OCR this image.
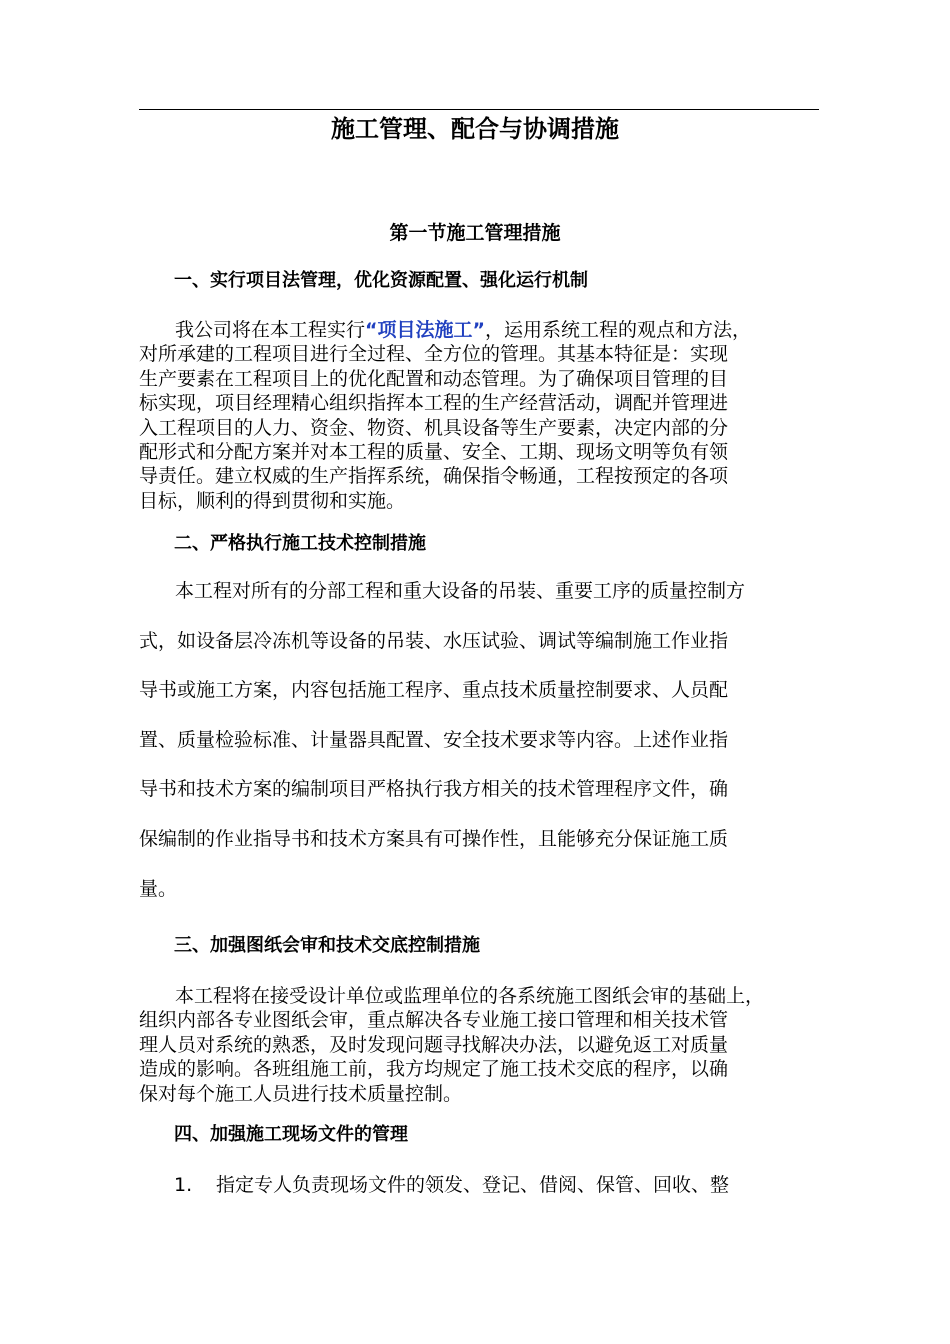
施工管理、配合与协调措施
第一节施工管理措施
一、实行项目法管理，优化资源配置、强化运行机制
我公司将在本工程实行“项目法施工”，运用系统工程的观点和方法，
对所承建的工程项目进行全过程、全方位的管理。其基本特征是：实现
生产要素在工程项目上的优化配置和动态管理。为了确保项目管理的目
标实现，项目经理精心组织指挥本工程的生产经营活动，调配并管理进
入工程项目的人力、资金、物资、机具设备等生产要素，决定内部的分
配形式和分配方案并对本工程的质量、安全、工期、现场文明等负有领
导责任。建立权威的生产指挥系统，确保指令畅通，工程按预定的各项
目标，顺利的得到贯彻和实施。
二、严格执行施工技术控制措施
本工程对所有的分部工程和重大设备的吊装、重要工序的质量控制方
式，如设备层冷冻机等设备的吊装、水压试验、调试等编制施工作业指
导书或施工方案，内容包括施工程序、重点技术质量控制要求、人员配
置、质量检验标准、计量器具配置、安全技术要求等内容。上述作业指
导书和技术方案的编制项目严格执行我方相关的技术管理程序文件，确
保编制的作业指导书和技术方案具有可操作性，且能够充分保证施工质
量。
三、加强图纸会审和技术交底控制措施
本工程将在接受设计单位或监理单位的各系统施工图纸会审的基础上，
组织内部各专业图纸会审，重点解决各专业施工接口管理和相关技术管
理人员对系统的熟悉，及时发现问题寻找解决办法，以避免返工对质量
造成的影响。各班组施工前，我方均规定了施工技术交底的程序，以确
保对每个施工人员进行技术质量控制。
四、加强施工现场文件的管理
1. 指定专人负责现场文件的领发、登记、借阅、保管、回收、整
